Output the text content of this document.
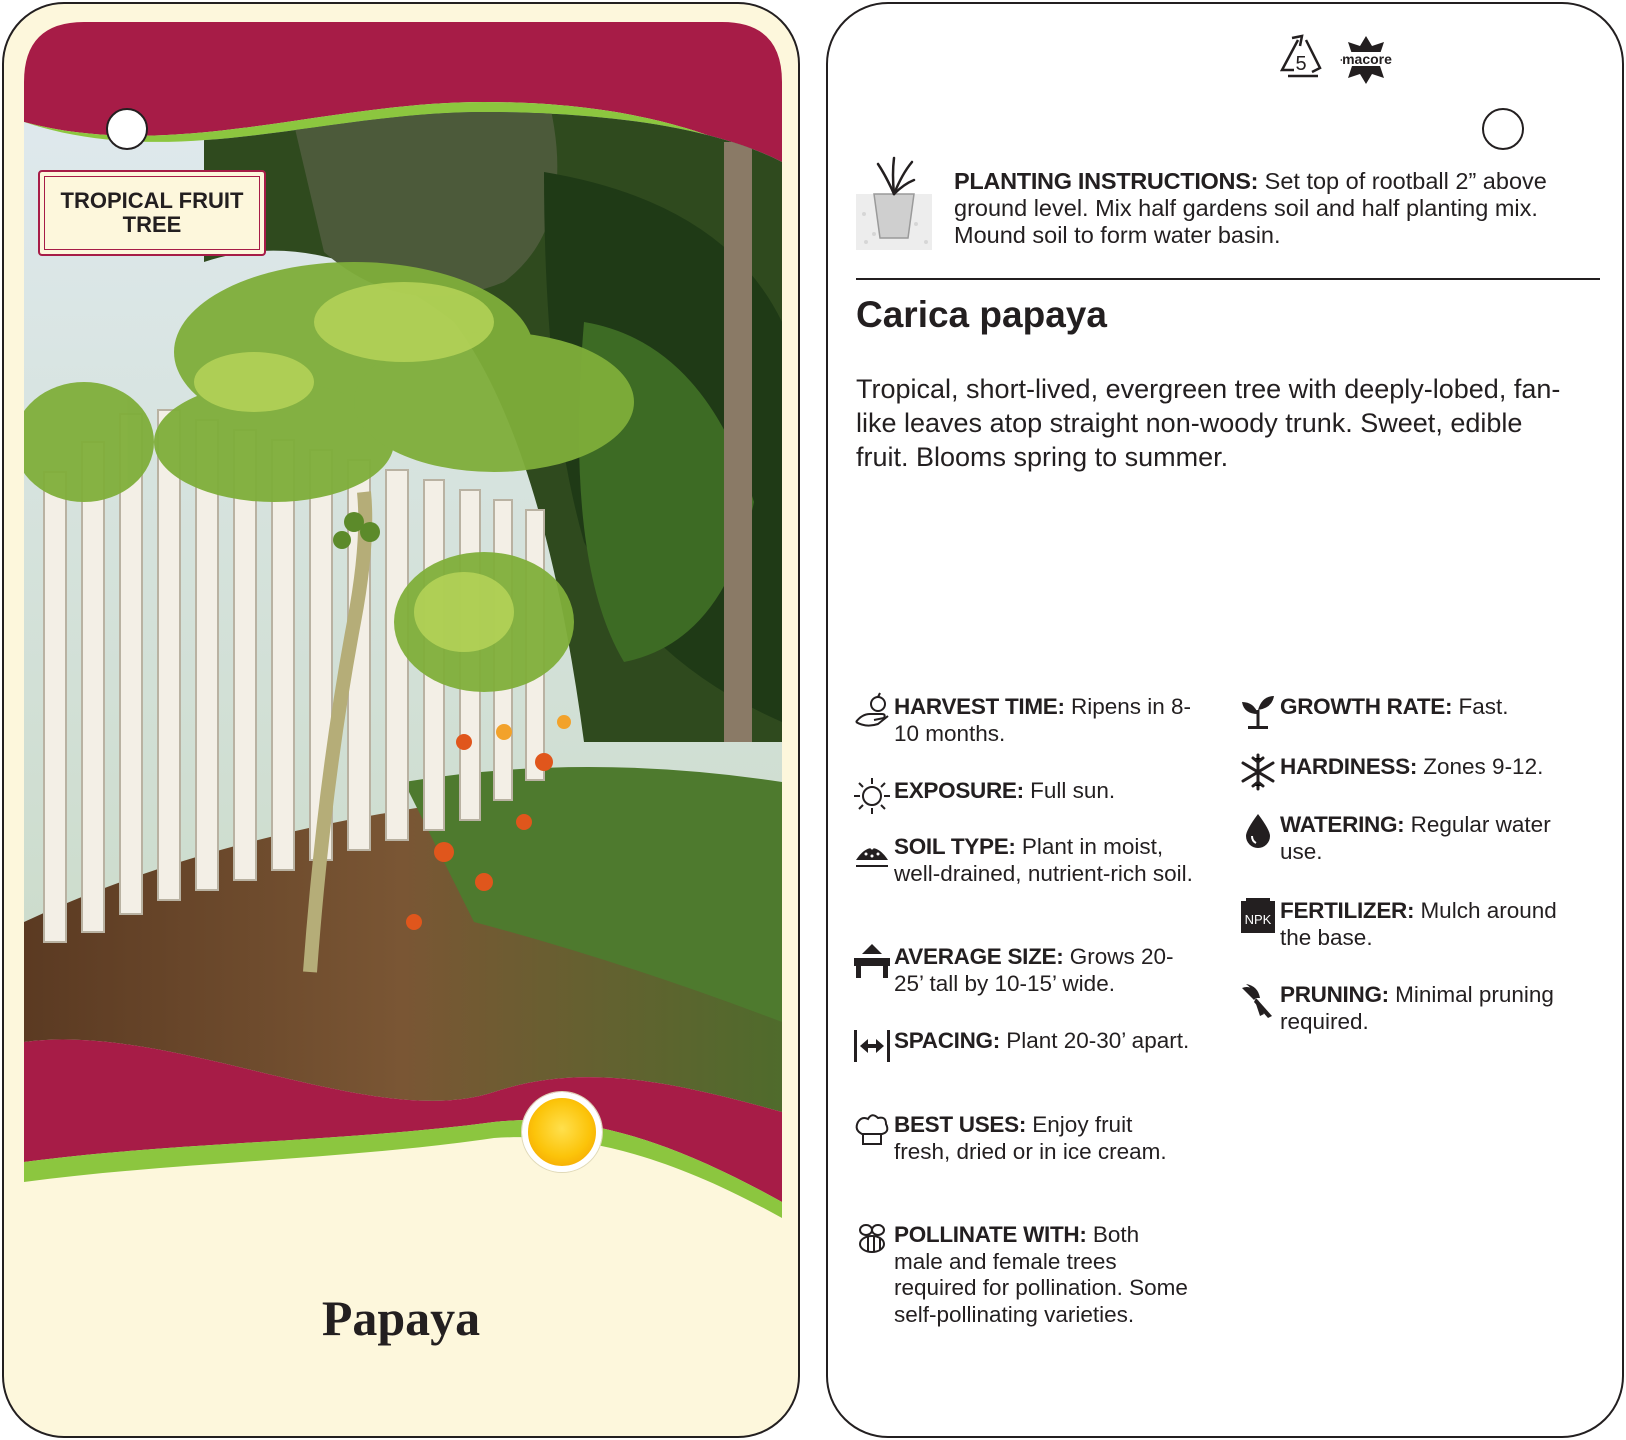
TROPICAL FRUIT TREE
Papaya
5	macore
PLANTING INSTRUCTIONS: Set top of rootball 2” above ground level. Mix half gardens soil and half planting mix. Mound soil to form water basin.
Carica papaya
Tropical, short-lived, evergreen tree with deeply-lobed, fan-like leaves atop straight non-woody trunk. Sweet, edible fruit. Blooms spring to summer.
HARVEST TIME: Ripens in 8-10 months.
EXPOSURE: Full sun.
SOIL TYPE: Plant in moist, well-drained, nutrient-rich soil.
AVERAGE SIZE: Grows 20-25’ tall by 10-15’ wide.
SPACING: Plant 20-30’ apart.
BEST USES: Enjoy fruit fresh, dried or in ice cream.
POLLINATE WITH: Both male and female trees required for pollination. Some self-pollinating varieties.
GROWTH RATE: Fast.
HARDINESS: Zones 9-12.
WATERING: Regular water use.
NPK FERTILIZER: Mulch around the base.
PRUNING: Minimal pruning required.
